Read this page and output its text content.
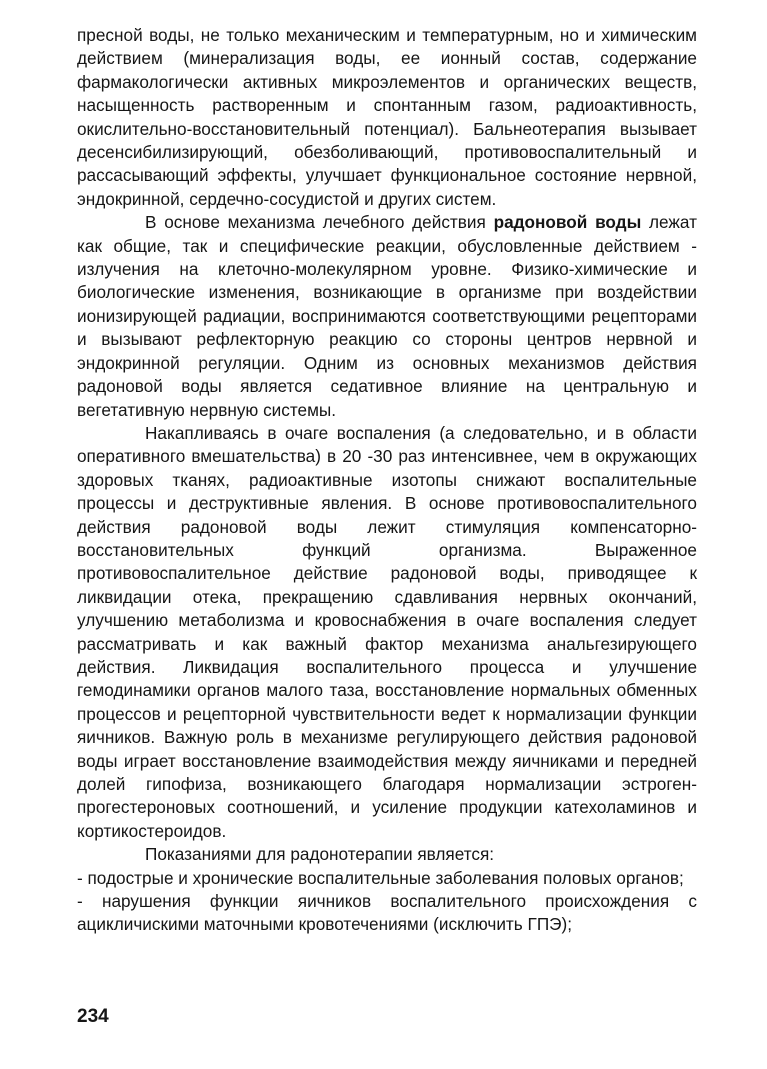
пресной воды, не только механическим и температурным, но и химическим действием (минерализация воды, ее ионный состав, содержание фармакологически активных микроэлементов и органических веществ, насыщенность растворенным и спонтанным газом, радиоактивность, окислительно-восстановительный потенциал). Бальнеотерапия вызывает десенсибилизирующий, обезболивающий, противовоспалительный и рассасывающий эффекты, улучшает функциональное состояние нервной, эндокринной, сердечно-сосудистой и других систем.

В основе механизма лечебного действия радоновой воды лежат как общие, так и специфические реакции, обусловленные действием - излучения на клеточно-молекулярном уровне. Физико-химические и биологические изменения, возникающие в организме при воздействии ионизирующей радиации, воспринимаются соответствующими рецепторами и вызывают рефлекторную реакцию со стороны центров нервной и эндокринной регуляции. Одним из основных механизмов действия радоновой воды является седативное влияние на центральную и вегетативную нервную системы.

Накапливаясь в очаге воспаления (а следовательно, и в области оперативного вмешательства) в 20 -30 раз интенсивнее, чем в окружающих здоровых тканях, радиоактивные изотопы снижают воспалительные процессы и деструктивные явления. В основе противовоспалительного действия радоновой воды лежит стимуляция компенсаторно-восстановительных функций организма. Выраженное противовоспалительное действие радоновой воды, приводящее к ликвидации отека, прекращению сдавливания нервных окончаний, улучшению метаболизма и кровоснабжения в очаге воспаления следует рассматривать и как важный фактор механизма анальгезирующего действия. Ликвидация воспалительного процесса и улучшение гемодинамики органов малого таза, восстановление нормальных обменных процессов и рецепторной чувствительности ведет к нормализации функции яичников. Важную роль в механизме регулирующего действия радоновой воды играет восстановление взаимодействия между яичниками и передней долей гипофиза, возникающего благодаря нормализации эстроген-прогестероновых соотношений, и усиление продукции катехоламинов и кортикостероидов.

Показаниями для радонотерапии является:

- подострые и хронические воспалительные заболевания половых органов;

- нарушения функции яичников воспалительного происхождения с ацикличискими маточными кровотечениями (исключить ГПЭ);

234
